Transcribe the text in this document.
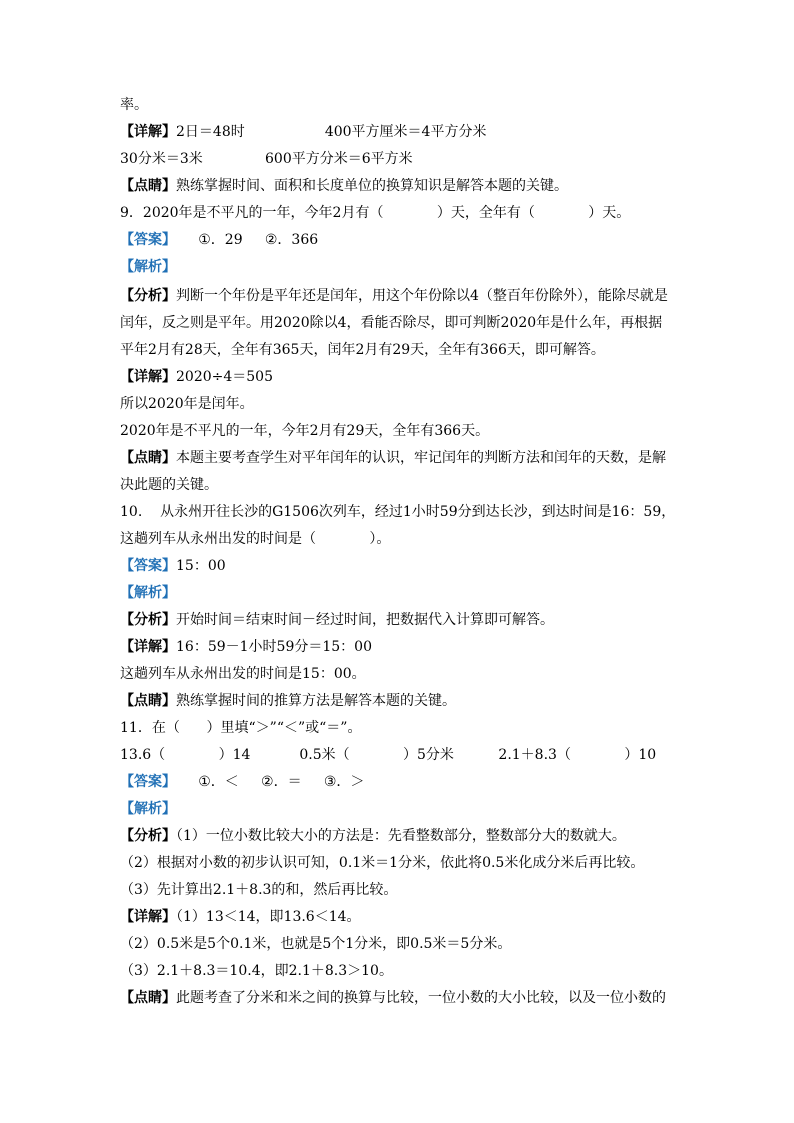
率。
【详解】2日＝48时                  400平方厘米＝4平方分米
30分米＝3米              600平方分米＝6平方米
【点睛】熟练掌握时间、面积和长度单位的换算知识是解答本题的关键。
9．2020年是不平凡的一年，今年2月有（            ）天，全年有（            ）天。
【答案】     ①．29     ②．366
【解析】
【分析】判断一个年份是平年还是闰年，用这个年份除以4（整百年份除外），能除尽就是
闰年，反之则是平年。用2020除以4，看能否除尽，即可判断2020年是什么年，再根据
平年2月有28天，全年有365天，闰年2月有29天，全年有366天，即可解答。
【详解】2020÷4＝505
所以2020年是闰年。
2020年是不平凡的一年，今年2月有29天，全年有366天。
【点睛】本题主要考查学生对平年闰年的认识，牢记闰年的判断方法和闰年的天数，是解
决此题的关键。
10.    从永州开往长沙的G1506次列车，经过1小时59分到达长沙，到达时间是16：59，
这趟列车从永州出发的时间是（            ）。
【答案】15：00
【解析】
【分析】开始时间＝结束时间－经过时间，把数据代入计算即可解答。
【详解】16：59－1小时59分＝15：00
这趟列车从永州出发的时间是15：00。
【点睛】熟练掌握时间的推算方法是解答本题的关键。
11．在（      ）里填“＞”“＜”或“＝”。
13.6（            ）14           0.5米（            ）5分米          2.1＋8.3（            ）10
【答案】     ①．＜     ②．＝     ③．＞
【解析】
【分析】（1）一位小数比较大小的方法是：先看整数部分，整数部分大的数就大。
（2）根据对小数的初步认识可知，0.1米＝1分米，依此将0.5米化成分米后再比较。
（3）先计算出2.1＋8.3的和，然后再比较。
【详解】（1）13＜14，即13.6＜14。
（2）0.5米是5个0.1米，也就是5个1分米，即0.5米＝5分米。
（3）2.1＋8.3＝10.4，即2.1＋8.3＞10。
【点睛】此题考查了分米和米之间的换算与比较，一位小数的大小比较，以及一位小数的
